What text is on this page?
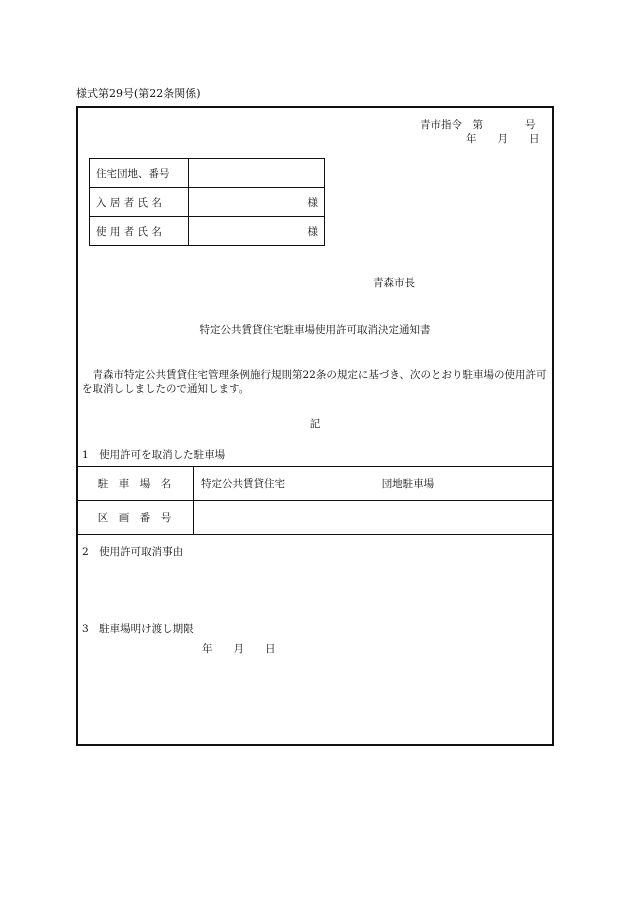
様式第29号(第22条関係)
青市指令　第　　　　号
年　　月　　日
住宅団地、番号	
入 居 者 氏 名	様
使 用 者 氏 名	様
青森市長
特定公共賃貸住宅駐車場使用許可取消決定通知書
　青森市特定公共賃貸住宅管理条例施行規則第22条の規定に基づき、次のとおり駐車場の使用許可を取消ししましたので通知します。
記
1　使用許可を取消した駐車場
駐　車　場　名	特定公共賃貸住宅 団地駐車場

区　画　番　号	

2　使用許可取消事由
3　駐車場明け渡し期限
年　　月　　日
